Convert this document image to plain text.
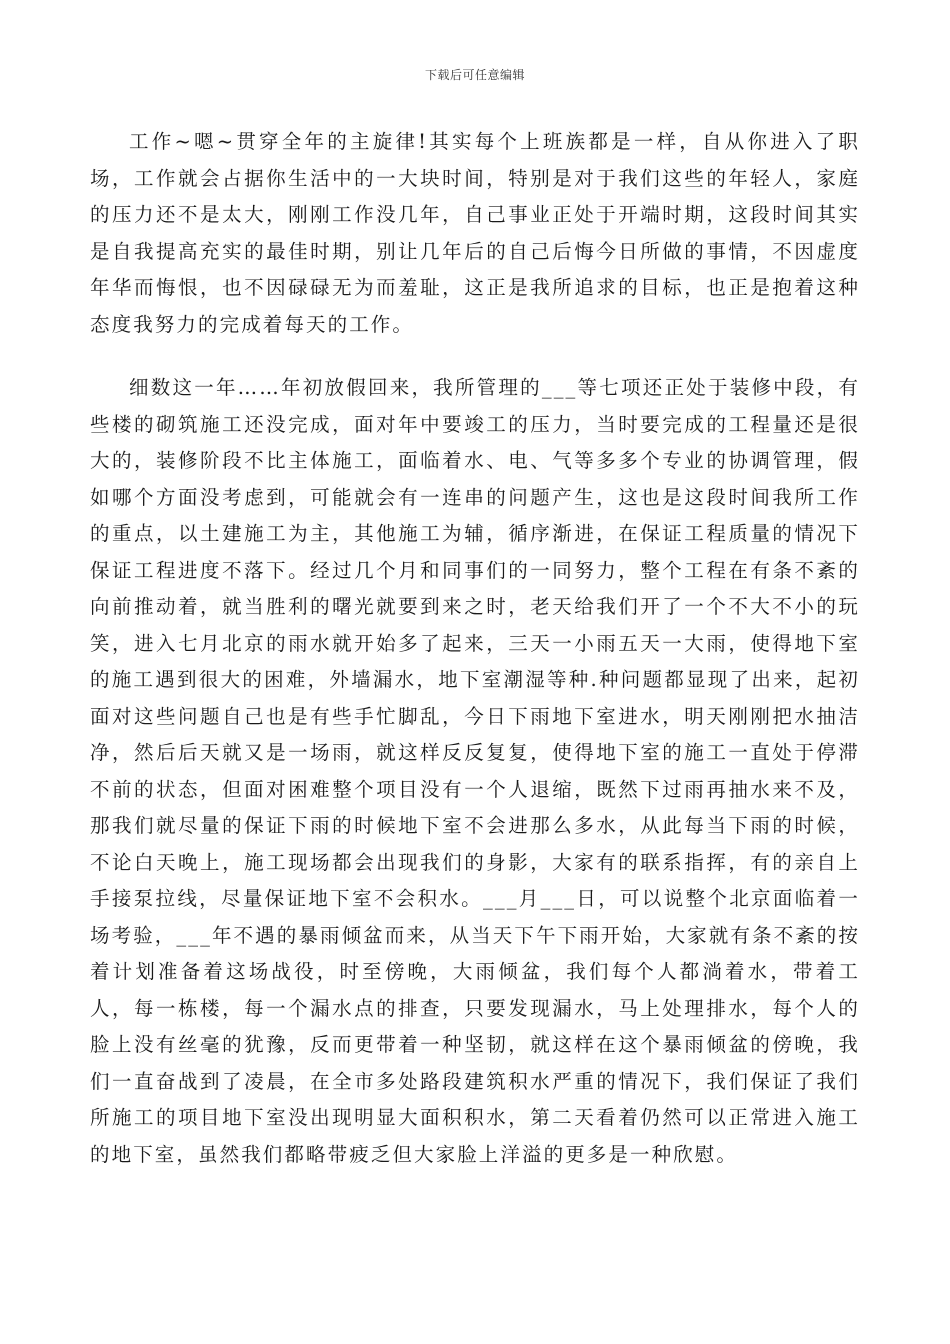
下载后可任意编辑

工作~嗯~贯穿全年的主旋律!其实每个上班族都是一样，自从你进入了职场，工作就会占据你生活中的一大块时间，特别是对于我们这些的年轻人，家庭的压力还不是太大，刚刚工作没几年，自己事业正处于开端时期，这段时间其实是自我提高充实的最佳时期，别让几年后的自己后悔今日所做的事情，不因虚度年华而悔恨，也不因碌碌无为而羞耻，这正是我所追求的目标，也正是抱着这种态度我努力的完成着每天的工作。

细数这一年……年初放假回来，我所管理的___等七项还正处于装修中段，有些楼的砌筑施工还没完成，面对年中要竣工的压力，当时要完成的工程量还是很大的，装修阶段不比主体施工，面临着水、电、气等多多个专业的协调管理，假如哪个方面没考虑到，可能就会有一连串的问题产生，这也是这段时间我所工作的重点，以土建施工为主，其他施工为辅，循序渐进，在保证工程质量的情况下保证工程进度不落下。经过几个月和同事们的一同努力，整个工程在有条不紊的向前推动着，就当胜利的曙光就要到来之时，老天给我们开了一个不大不小的玩笑，进入七月北京的雨水就开始多了起来，三天一小雨五天一大雨，使得地下室的施工遇到很大的困难，外墙漏水，地下室潮湿等种.种问题都显现了出来，起初面对这些问题自己也是有些手忙脚乱，今日下雨地下室进水，明天刚刚把水抽洁净，然后后天就又是一场雨，就这样反反复复，使得地下室的施工一直处于停滞不前的状态，但面对困难整个项目没有一个人退缩，既然下过雨再抽水来不及，那我们就尽量的保证下雨的时候地下室不会进那么多水，从此每当下雨的时候，不论白天晚上，施工现场都会出现我们的身影，大家有的联系指挥，有的亲自上手接泵拉线，尽量保证地下室不会积水。___月___日，可以说整个北京面临着一场考验，___年不遇的暴雨倾盆而来，从当天下午下雨开始，大家就有条不紊的按着计划准备着这场战役，时至傍晚，大雨倾盆，我们每个人都淌着水，带着工人，每一栋楼，每一个漏水点的排查，只要发现漏水，马上处理排水，每个人的脸上没有丝毫的犹豫，反而更带着一种坚韧，就这样在这个暴雨倾盆的傍晚，我们一直奋战到了凌晨，在全市多处路段建筑积水严重的情况下，我们保证了我们所施工的项目地下室没出现明显大面积积水，第二天看着仍然可以正常进入施工的地下室，虽然我们都略带疲乏但大家脸上洋溢的更多是一种欣慰。
